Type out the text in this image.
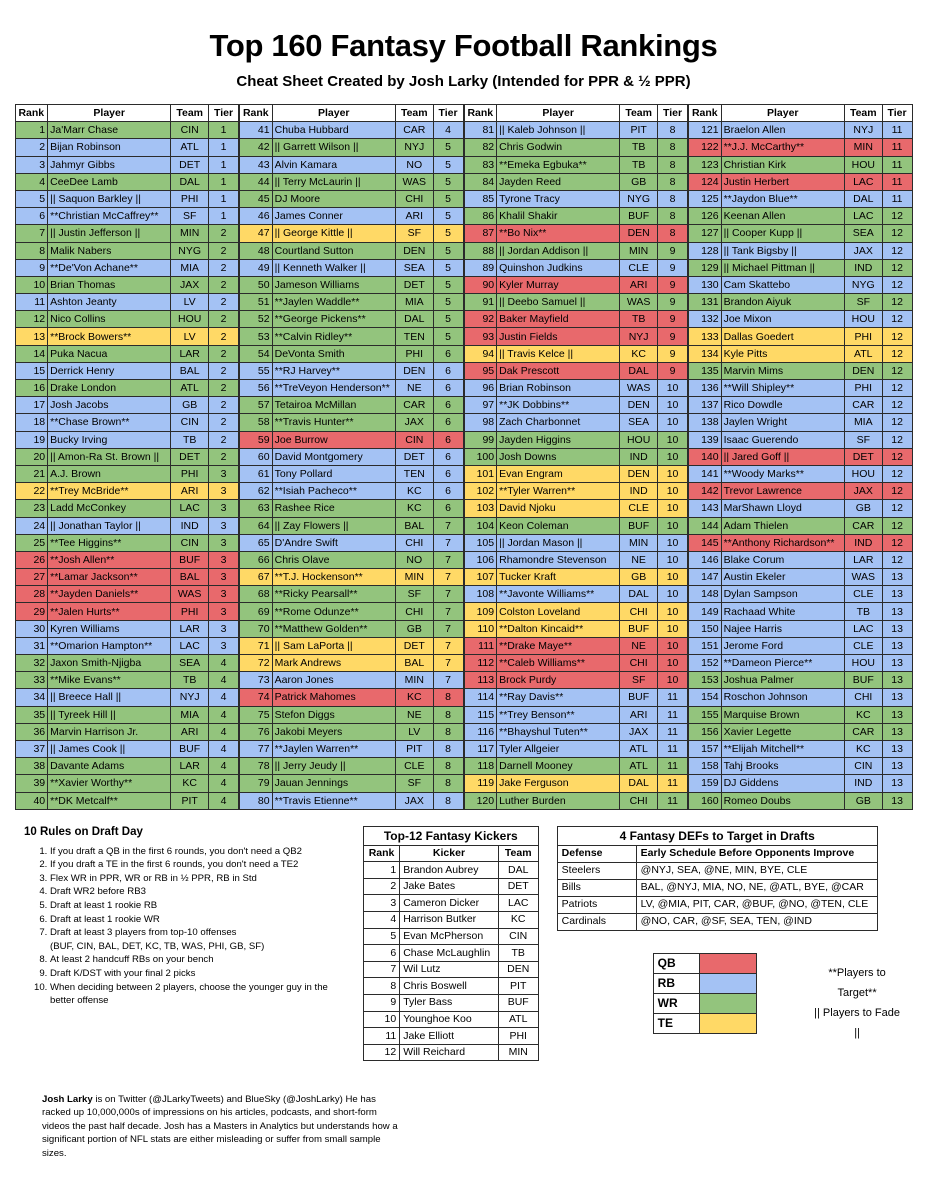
Top 160 Fantasy Football Rankings
Cheat Sheet Created by Josh Larky (Intended for PPR & ½ PPR)
Rank	Player	Team	Tier
1	Ja'Marr Chase	CIN	1
2	Bijan Robinson	ATL	1
3	Jahmyr Gibbs	DET	1
4	CeeDee Lamb	DAL	1
5	|| Saquon Barkley ||	PHI	1
6	**Christian McCaffrey**	SF	1
7	|| Justin Jefferson ||	MIN	2
8	Malik Nabers	NYG	2
9	**De'Von Achane**	MIA	2
10	Brian Thomas	JAX	2
11	Ashton Jeanty	LV	2
12	Nico Collins	HOU	2
13	**Brock Bowers**	LV	2
14	Puka Nacua	LAR	2
15	Derrick Henry	BAL	2
16	Drake London	ATL	2
17	Josh Jacobs	GB	2
18	**Chase Brown**	CIN	2
19	Bucky Irving	TB	2
20	|| Amon-Ra St. Brown ||	DET	2
21	A.J. Brown	PHI	3
22	**Trey McBride**	ARI	3
23	Ladd McConkey	LAC	3
24	|| Jonathan Taylor ||	IND	3
25	**Tee Higgins**	CIN	3
26	**Josh Allen**	BUF	3
27	**Lamar Jackson**	BAL	3
28	**Jayden Daniels**	WAS	3
29	**Jalen Hurts**	PHI	3
30	Kyren Williams	LAR	3
31	**Omarion Hampton**	LAC	3
32	Jaxon Smith-Njigba	SEA	4
33	**Mike Evans**	TB	4
34	|| Breece Hall ||	NYJ	4
35	|| Tyreek Hill ||	MIA	4
36	Marvin Harrison Jr.	ARI	4
37	|| James Cook ||	BUF	4
38	Davante Adams	LAR	4
39	**Xavier Worthy**	KC	4
40	**DK Metcalf**	PIT	4
Rank	Player	Team	Tier
41	Chuba Hubbard	CAR	4
42	|| Garrett Wilson ||	NYJ	5
43	Alvin Kamara	NO	5
44	|| Terry McLaurin ||	WAS	5
45	DJ Moore	CHI	5
46	James Conner	ARI	5
47	|| George Kittle ||	SF	5
48	Courtland Sutton	DEN	5
49	|| Kenneth Walker ||	SEA	5
50	Jameson Williams	DET	5
51	**Jaylen Waddle**	MIA	5
52	**George Pickens**	DAL	5
53	**Calvin Ridley**	TEN	5
54	DeVonta Smith	PHI	6
55	**RJ Harvey**	DEN	6
56	**TreVeyon Henderson**	NE	6
57	Tetairoa McMillan	CAR	6
58	**Travis Hunter**	JAX	6
59	Joe Burrow	CIN	6
60	David Montgomery	DET	6
61	Tony Pollard	TEN	6
62	**Isiah Pacheco**	KC	6
63	Rashee Rice	KC	6
64	|| Zay Flowers ||	BAL	7
65	D'Andre Swift	CHI	7
66	Chris Olave	NO	7
67	**T.J. Hockenson**	MIN	7
68	**Ricky Pearsall**	SF	7
69	**Rome Odunze**	CHI	7
70	**Matthew Golden**	GB	7
71	|| Sam LaPorta ||	DET	7
72	Mark Andrews	BAL	7
73	Aaron Jones	MIN	7
74	Patrick Mahomes	KC	8
75	Stefon Diggs	NE	8
76	Jakobi Meyers	LV	8
77	**Jaylen Warren**	PIT	8
78	|| Jerry Jeudy ||	CLE	8
79	Jauan Jennings	SF	8
80	**Travis Etienne**	JAX	8
Rank	Player	Team	Tier
81	|| Kaleb Johnson ||	PIT	8
82	Chris Godwin	TB	8
83	**Emeka Egbuka**	TB	8
84	Jayden Reed	GB	8
85	Tyrone Tracy	NYG	8
86	Khalil Shakir	BUF	8
87	**Bo Nix**	DEN	8
88	|| Jordan Addison ||	MIN	9
89	Quinshon Judkins	CLE	9
90	Kyler Murray	ARI	9
91	|| Deebo Samuel ||	WAS	9
92	Baker Mayfield	TB	9
93	Justin Fields	NYJ	9
94	|| Travis Kelce ||	KC	9
95	Dak Prescott	DAL	9
96	Brian Robinson	WAS	10
97	**JK Dobbins**	DEN	10
98	Zach Charbonnet	SEA	10
99	Jayden Higgins	HOU	10
100	Josh Downs	IND	10
101	Evan Engram	DEN	10
102	**Tyler Warren**	IND	10
103	David Njoku	CLE	10
104	Keon Coleman	BUF	10
105	|| Jordan Mason ||	MIN	10
106	Rhamondre Stevenson	NE	10
107	Tucker Kraft	GB	10
108	**Javonte Williams**	DAL	10
109	Colston Loveland	CHI	10
110	**Dalton Kincaid**	BUF	10
111	**Drake Maye**	NE	10
112	**Caleb Williams**	CHI	10
113	Brock Purdy	SF	10
114	**Ray Davis**	BUF	11
115	**Trey Benson**	ARI	11
116	**Bhayshul Tuten**	JAX	11
117	Tyler Allgeier	ATL	11
118	Darnell Mooney	ATL	11
119	Jake Ferguson	DAL	11
120	Luther Burden	CHI	11
Rank	Player	Team	Tier
121	Braelon Allen	NYJ	11
122	**J.J. McCarthy**	MIN	11
123	Christian Kirk	HOU	11
124	Justin Herbert	LAC	11
125	**Jaydon Blue**	DAL	11
126	Keenan Allen	LAC	12
127	|| Cooper Kupp ||	SEA	12
128	|| Tank Bigsby ||	JAX	12
129	|| Michael Pittman ||	IND	12
130	Cam Skattebo	NYG	12
131	Brandon Aiyuk	SF	12
132	Joe Mixon	HOU	12
133	Dallas Goedert	PHI	12
134	Kyle Pitts	ATL	12
135	Marvin Mims	DEN	12
136	**Will Shipley**	PHI	12
137	Rico Dowdle	CAR	12
138	Jaylen Wright	MIA	12
139	Isaac Guerendo	SF	12
140	|| Jared Goff ||	DET	12
141	**Woody Marks**	HOU	12
142	Trevor Lawrence	JAX	12
143	MarShawn Lloyd	GB	12
144	Adam Thielen	CAR	12
145	**Anthony Richardson**	IND	12
146	Blake Corum	LAR	12
147	Austin Ekeler	WAS	13
148	Dylan Sampson	CLE	13
149	Rachaad White	TB	13
150	Najee Harris	LAC	13
151	Jerome Ford	CLE	13
152	**Dameon Pierce**	HOU	13
153	Joshua Palmer	BUF	13
154	Roschon Johnson	CHI	13
155	Marquise Brown	KC	13
156	Xavier Legette	CAR	13
157	**Elijah Mitchell**	KC	13
158	Tahj Brooks	CIN	13
159	DJ Giddens	IND	13
160	Romeo Doubs	GB	13
10 Rules on Draft Day
1. If you draft a QB in the first 6 rounds, you don't need a QB2
2. If you draft a TE in the first 6 rounds, you don't need a TE2
3. Flex WR in PPR, WR or RB in ½ PPR, RB in Std
4. Draft WR2 before RB3
5. Draft at least 1 rookie RB
6. Draft at least 1 rookie WR
7. Draft at least 3 players from top-10 offenses
(BUF, CIN, BAL, DET, KC, TB, WAS, PHI, GB, SF)
8. At least 2 handcuff RBs on your bench
9. Draft K/DST with your final 2 picks
10. When deciding between 2 players, choose the younger guy in the better offense
Top-12 Fantasy Kickers
Rank	Kicker	Team
1	Brandon Aubrey	DAL
2	Jake Bates	DET
3	Cameron Dicker	LAC
4	Harrison Butker	KC
5	Evan McPherson	CIN
6	Chase McLaughlin	TB
7	Wil Lutz	DEN
8	Chris Boswell	PIT
9	Tyler Bass	BUF
10	Younghoe Koo	ATL
11	Jake Elliott	PHI
12	Will Reichard	MIN
4 Fantasy DEFs to Target in Drafts
Defense	Early Schedule Before Opponents Improve
Steelers	@NYJ, SEA, @NE, MIN, BYE, CLE
Bills	BAL, @NYJ, MIA, NO, NE, @ATL, BYE, @CAR
Patriots	LV, @MIA, PIT, CAR, @BUF, @NO, @TEN, CLE
Cardinals	@NO, CAR, @SF, SEA, TEN, @IND
QB	
RB	
WR	
TE	
**Players to Target**
|| Players to Fade ||
Josh Larky is on Twitter (@JLarkyTweets) and BlueSky (@JoshLarky) He has racked up 10,000,000s of impressions on his articles, podcasts, and short-form videos the past half decade. Josh has a Masters in Analytics but understands how a significant portion of NFL stats are either misleading or suffer from small sample sizes.
